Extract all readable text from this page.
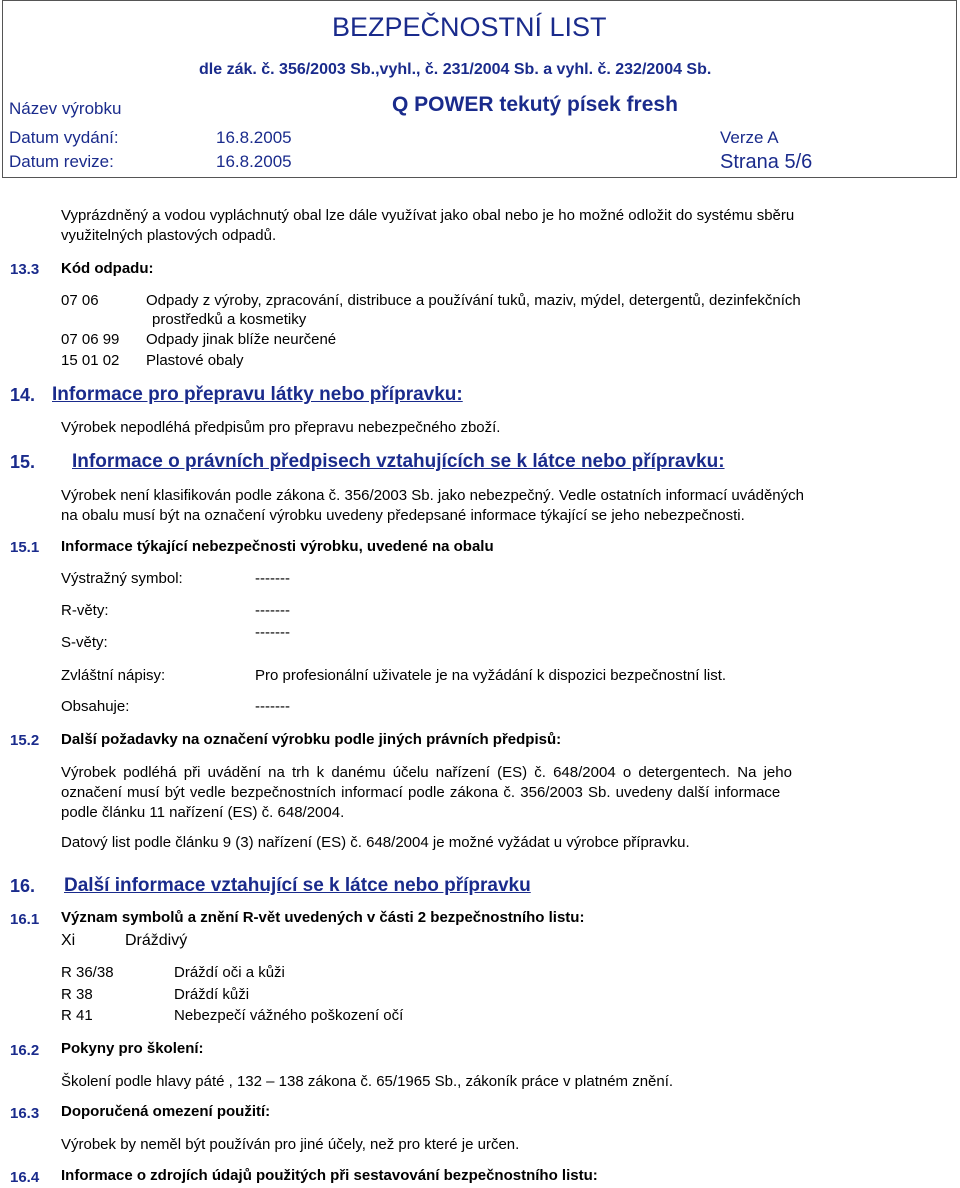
BEZPEČNOSTNÍ LIST
dle zák. č. 356/2003 Sb.,vyhl., č. 231/2004 Sb. a vyhl. č. 232/2004 Sb.
Název výrobku	Q POWER tekutý písek fresh
Datum vydání:	16.8.2005	Verze A
Datum revize:	16.8.2005	Strana 5/6
Vyprázdněný a vodou vypláchnutý obal lze dále využívat jako obal nebo je ho možné odložit do systému sběru
využitelných plastových odpadů.
13.3 Kód odpadu:
07 06	Odpady z výroby, zpracování, distribuce a používání tuků, maziv, mýdel, detergentů, dezinfekčních
prostředků a kosmetiky
07 06 99 Odpady jinak blíže neurčené
15 01 02 Plastové obaly
14. Informace pro přepravu látky nebo přípravku:
Výrobek nepodléhá předpisům pro přepravu nebezpečného zboží.
15. Informace o právních předpisech vztahujících se k látce nebo přípravku:
Výrobek není klasifikován podle zákona č. 356/2003 Sb. jako nebezpečný. Vedle ostatních informací uváděných
na obalu musí být na označení výrobku uvedeny předepsané informace týkající se jeho nebezpečnosti.
15.1 Informace týkající nebezpečnosti výrobku, uvedené na obalu
Výstražný symbol:	-------
R-věty:	-------
S-věty:
-------
Zvláštní nápisy:	Pro profesionální uživatele je na vyžádání k dispozici bezpečnostní list.
Obsahuje:	-------
15.2 Další požadavky na označení výrobku podle jiných právních předpisů:
Výrobek podléhá při uvádění na trh k danému účelu nařízení (ES) č. 648/2004 o detergentech. Na jeho
označení musí být vedle bezpečnostních informací podle zákona č. 356/2003 Sb. uvedeny další informace
podle článku 11 nařízení (ES) č. 648/2004.
Datový list podle článku 9 (3) nařízení (ES) č. 648/2004 je možné vyžádat u výrobce přípravku.
16. Další informace vztahující se k látce nebo přípravku
16.1 Význam symbolů a znění R-vět uvedených v části 2 bezpečnostního listu:
Xi	Dráždivý
R 36/38	Dráždí oči a kůži
R 38	Dráždí kůži
R 41	Nebezpečí vážného poškození očí
16.2 Pokyny pro školení:
Školení podle hlavy páté , 132 – 138 zákona č. 65/1965 Sb., zákoník práce v platném znění.
16.3 Doporučená omezení použití:
Výrobek by neměl být používán pro jiné účely, než pro které je určen.
16.4 Informace o zdrojích údajů použitých při sestavování bezpečnostního listu:
